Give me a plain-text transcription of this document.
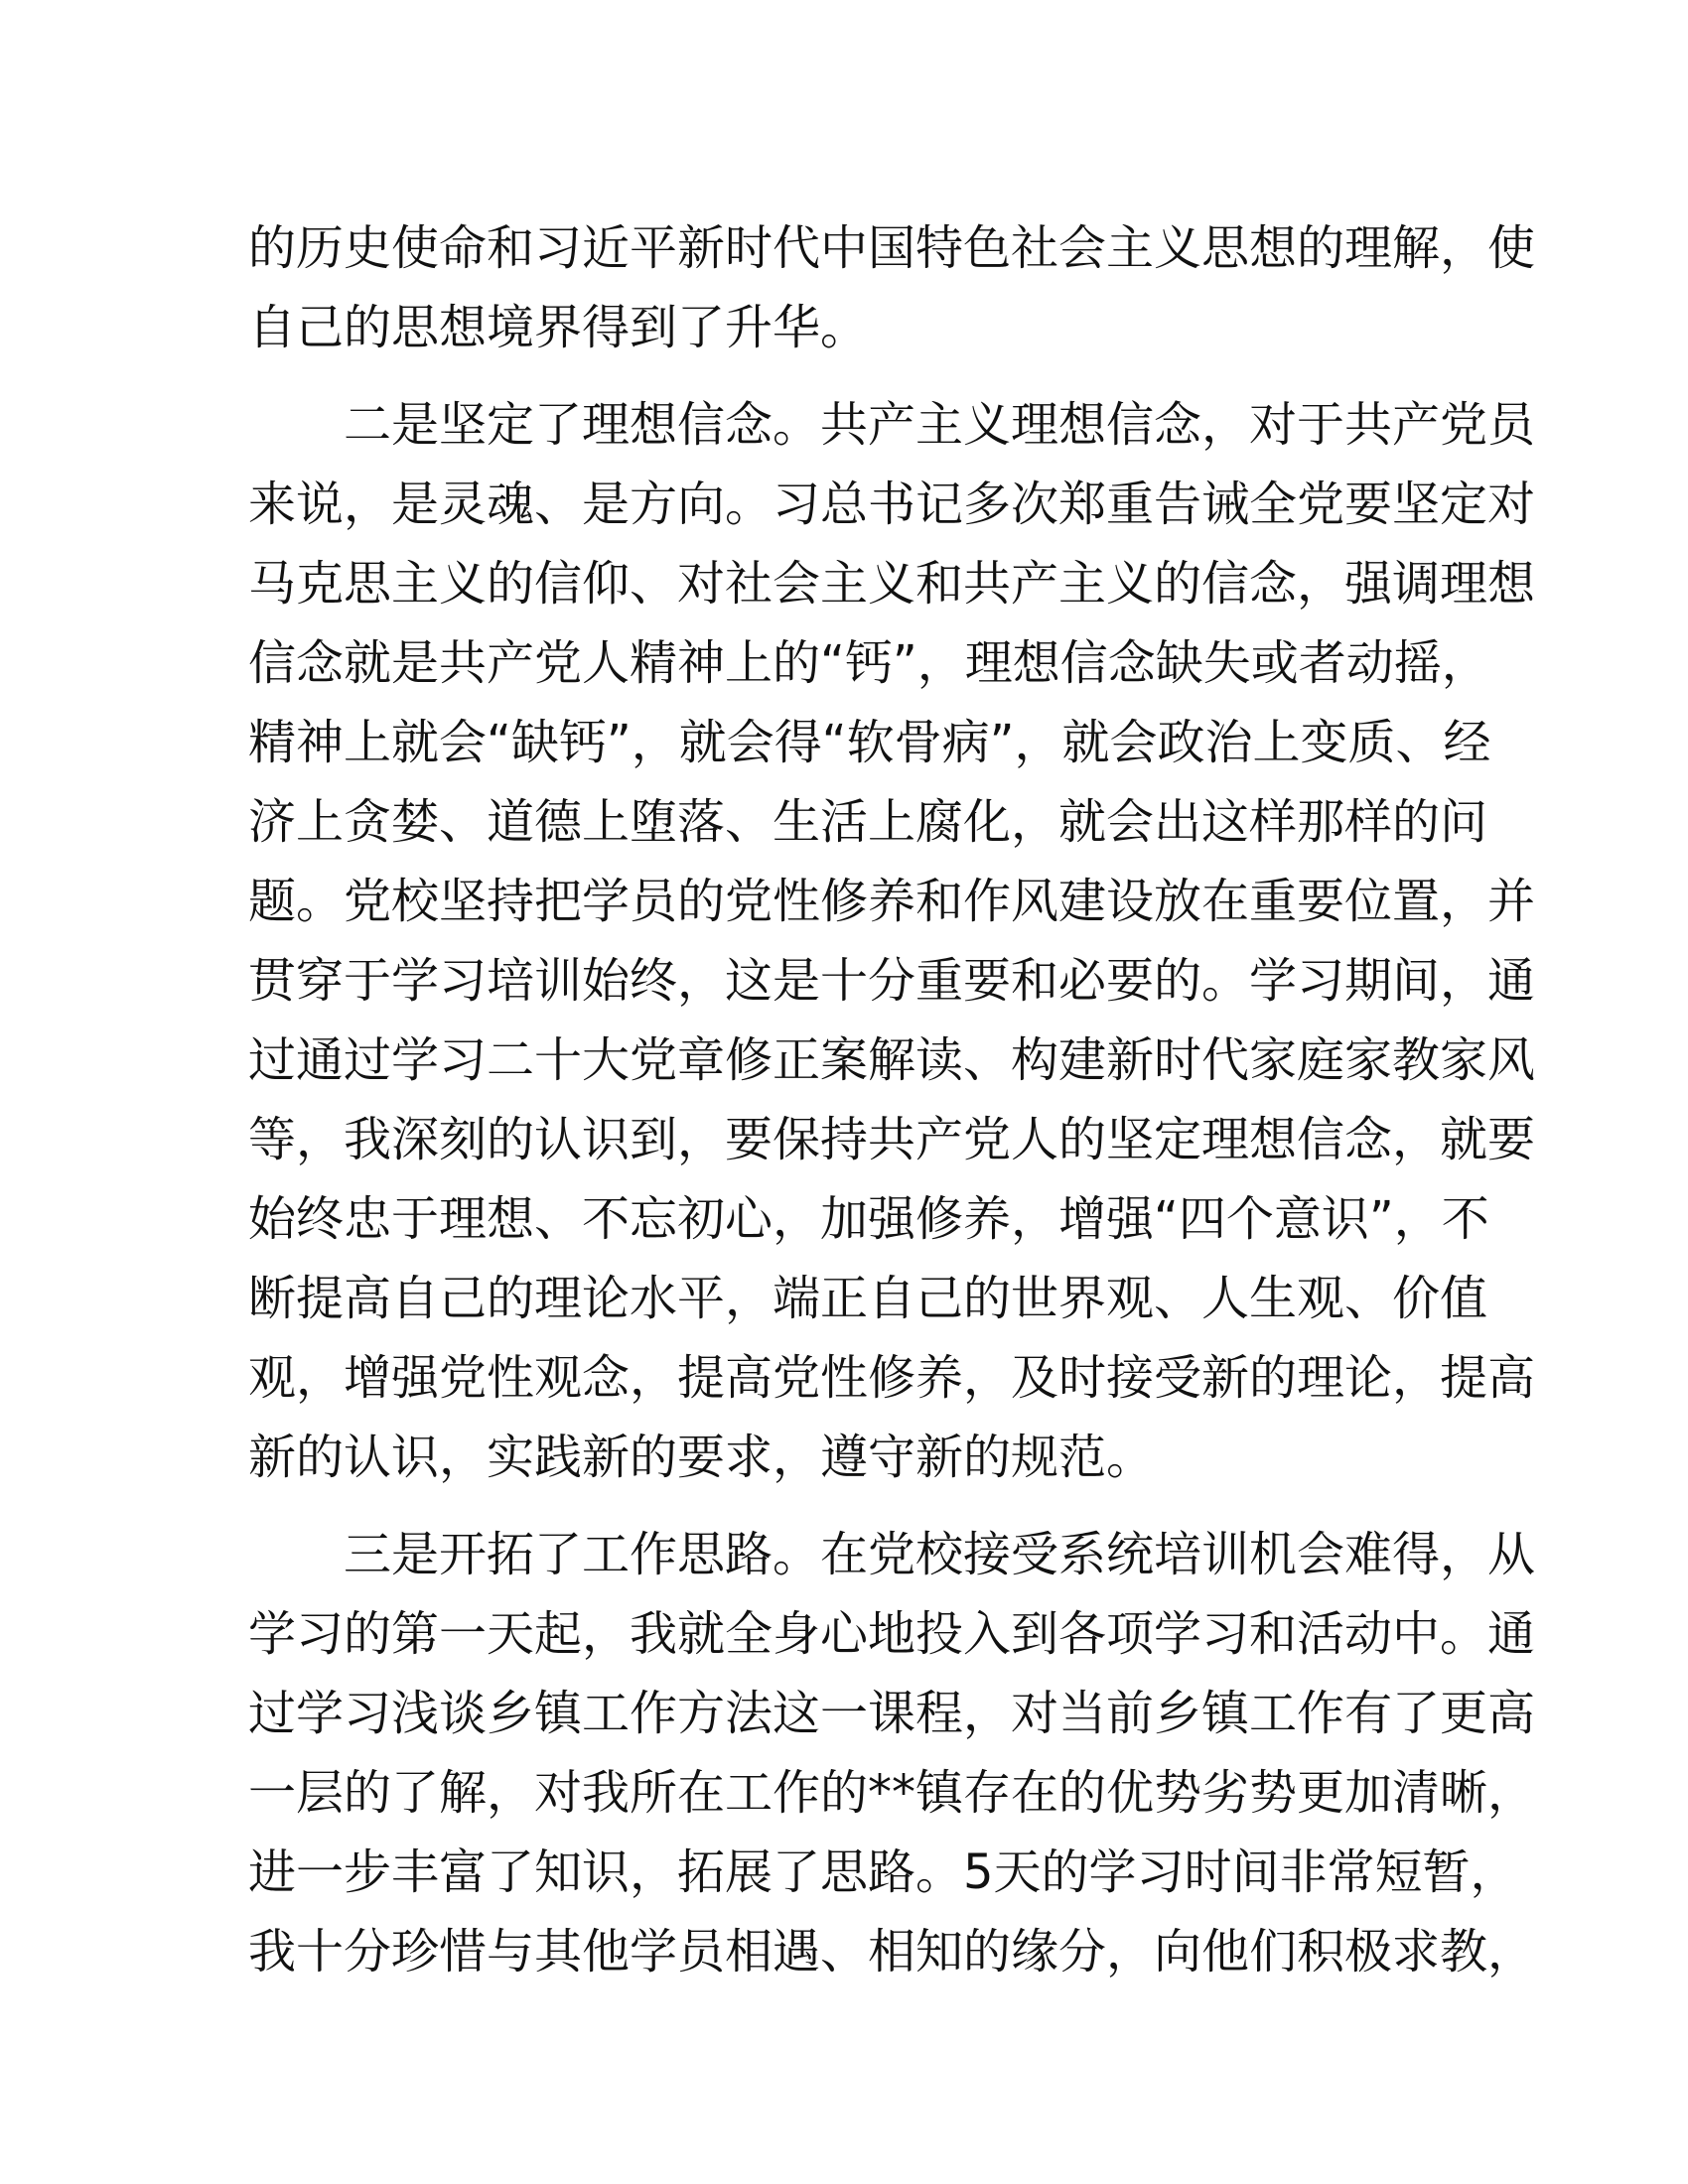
的历史使命和习近平新时代中国特色社会主义思想的理解，使
自己的思想境界得到了升华。
二是坚定了理想信念。共产主义理想信念，对于共产党员
来说，是灵魂、是方向。习总书记多次郑重告诫全党要坚定对
马克思主义的信仰、对社会主义和共产主义的信念，强调理想
信念就是共产党人精神上的“钙”，理想信念缺失或者动摇，
精神上就会“缺钙”，就会得“软骨病”，就会政治上变质、经
济上贪婪、道德上堕落、生活上腐化，就会出这样那样的问
题。党校坚持把学员的党性修养和作风建设放在重要位置，并
贯穿于学习培训始终，这是十分重要和必要的。学习期间，通
过通过学习二十大党章修正案解读、构建新时代家庭家教家风
等，我深刻的认识到，要保持共产党人的坚定理想信念，就要
始终忠于理想、不忘初心，加强修养，增强“四个意识”，不
断提高自己的理论水平，端正自己的世界观、人生观、价值
观，增强党性观念，提高党性修养，及时接受新的理论，提高
新的认识，实践新的要求，遵守新的规范。
三是开拓了工作思路。在党校接受系统培训机会难得，从
学习的第一天起，我就全身心地投入到各项学习和活动中。通
过学习浅谈乡镇工作方法这一课程，对当前乡镇工作有了更高
一层的了解，对我所在工作的**镇存在的优势劣势更加清晰，
进一步丰富了知识，拓展了思路。5天的学习时间非常短暂，
我十分珍惜与其他学员相遇、相知的缘分，向他们积极求教，
